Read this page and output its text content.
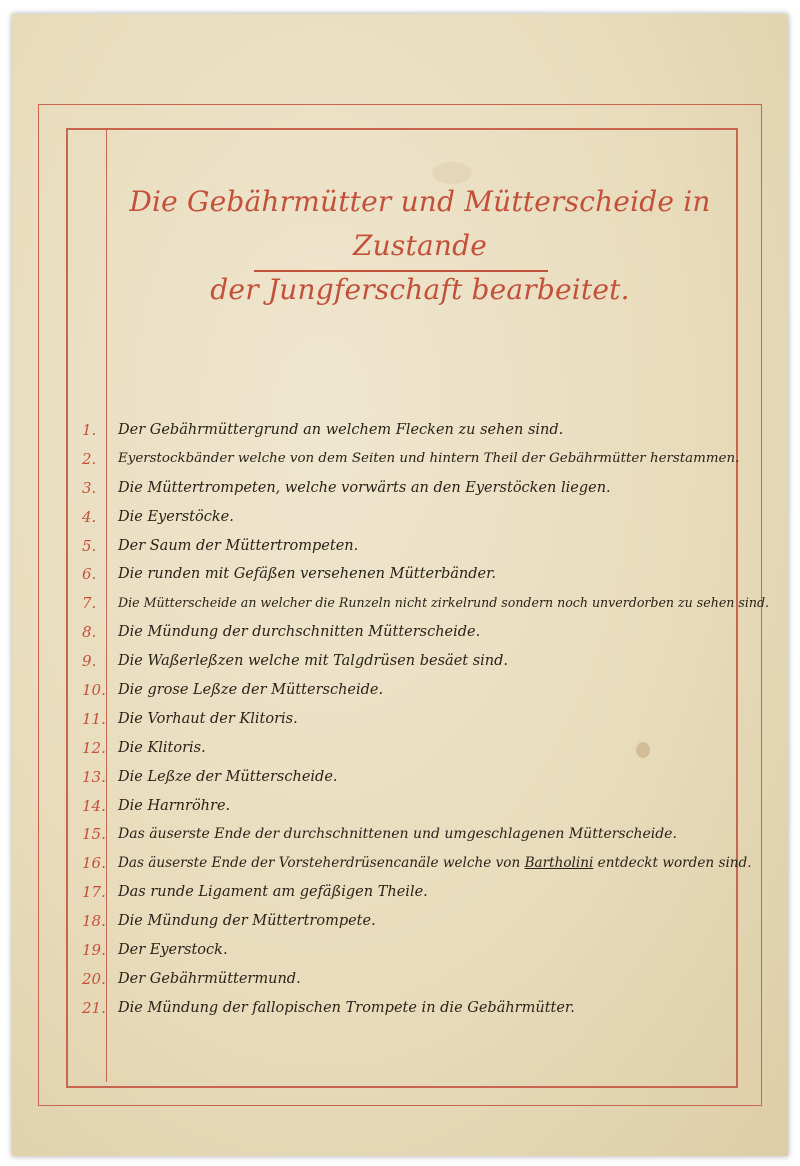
Die Gebährmütter und Mütterscheide in Zustande
der Jungferschaft bearbeitet.
1.	Der Gebährmüttergrund an welchem Flecken zu sehen sind.
2.	Eyerstockbänder welche von dem Seiten und hintern Theil der Gebährmütter herstammen.
3.	Die Müttertrompeten, welche vorwärts an den Eyerstöcken liegen.
4.	Die Eyerstöcke.
5.	Der Saum der Müttertrompeten.
6.	Die runden mit Gefäßen versehenen Mütterbänder.
7.	Die Mütterscheide an welcher die Runzeln nicht zirkelrund sondern noch unverdorben zu sehen sind.
8.	Die Mündung der durchschnitten Mütterscheide.
9.	Die Waßerleßzen welche mit Talgdrüsen besäet sind.
10. Die grose Leßze der Mütterscheide.
11. Die Vorhaut der Klitoris.
12. Die Klitoris.
13. Die Leßze der Mütterscheide.
14. Die Harnröhre.
15. Das äuserste Ende der durchschnittenen und umgeschlagenen Mütterscheide.
16. Das äuserste Ende der Vorsteherdrüsencanäle welche von Bartholini entdeckt worden sind.
17. Das runde Ligament am gefäßigen Theile.
18. Die Mündung der Müttertrompete.
19. Der Eyerstock.
20. Der Gebährmüttermund.
21. Die Mündung der fallopischen Trompete in die Gebährmütter.
